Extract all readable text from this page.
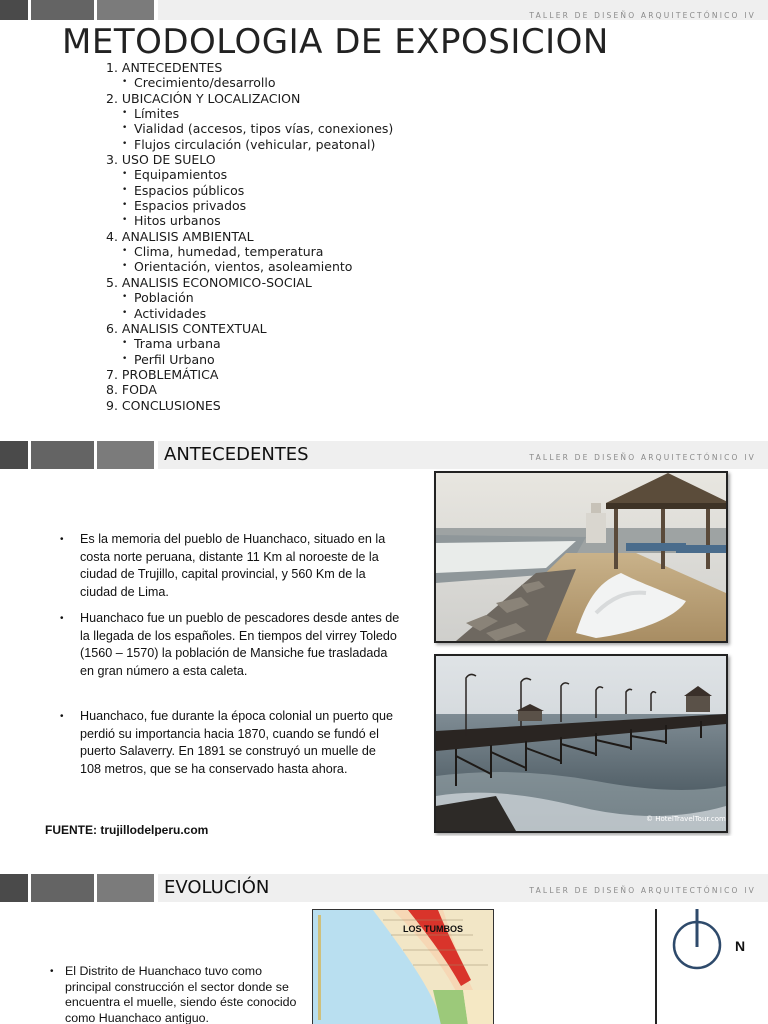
TALLER DE DISEÑO ARQUITECTÓNICO IV
METODOLOGIA DE EXPOSICION
1. ANTECEDENTES
• Crecimiento/desarrollo
2. UBICACIÓN Y LOCALIZACION
• Límites
• Vialidad (accesos, tipos vías, conexiones)
• Flujos circulación (vehicular, peatonal)
3. USO DE SUELO
• Equipamientos
• Espacios públicos
• Espacios privados
• Hitos urbanos
4. ANALISIS AMBIENTAL
• Clima, humedad, temperatura
• Orientación, vientos, asoleamiento
5. ANALISIS ECONOMICO-SOCIAL
• Población
• Actividades
6. ANALISIS CONTEXTUAL
• Trama urbana
• Perfil Urbano
7. PROBLEMÁTICA
8. FODA
9. CONCLUSIONES
ANTECEDENTES	TALLER DE DISEÑO ARQUITECTÓNICO IV
•	Es la memoria del pueblo de Huanchaco, situado en la costa norte peruana, distante 11 Km al noroeste de la ciudad de Trujillo, capital provincial, y 560 Km de la ciudad de Lima.
•	Huanchaco fue un pueblo de pescadores desde antes de la llegada de los españoles. En tiempos del virrey Toledo (1560 – 1570) la población de Mansiche fue trasladada en gran número a esta caleta.
•	Huanchaco, fue durante la época colonial un puerto que perdió su importancia hacia 1870, cuando se fundó el puerto Salaverry. En 1891 se construyó un muelle de 108 metros, que se ha conservado hasta ahora.
FUENTE: trujillodelperu.com
© HotelTravelTour.com
EVOLUCIÓN	TALLER DE DISEÑO ARQUITECTÓNICO IV
• El Distrito de Huanchaco tuvo como principal construcción el sector donde se encuentra el muelle, siendo éste conocido como Huanchaco antiguo.
LOS TUMBOS
N
